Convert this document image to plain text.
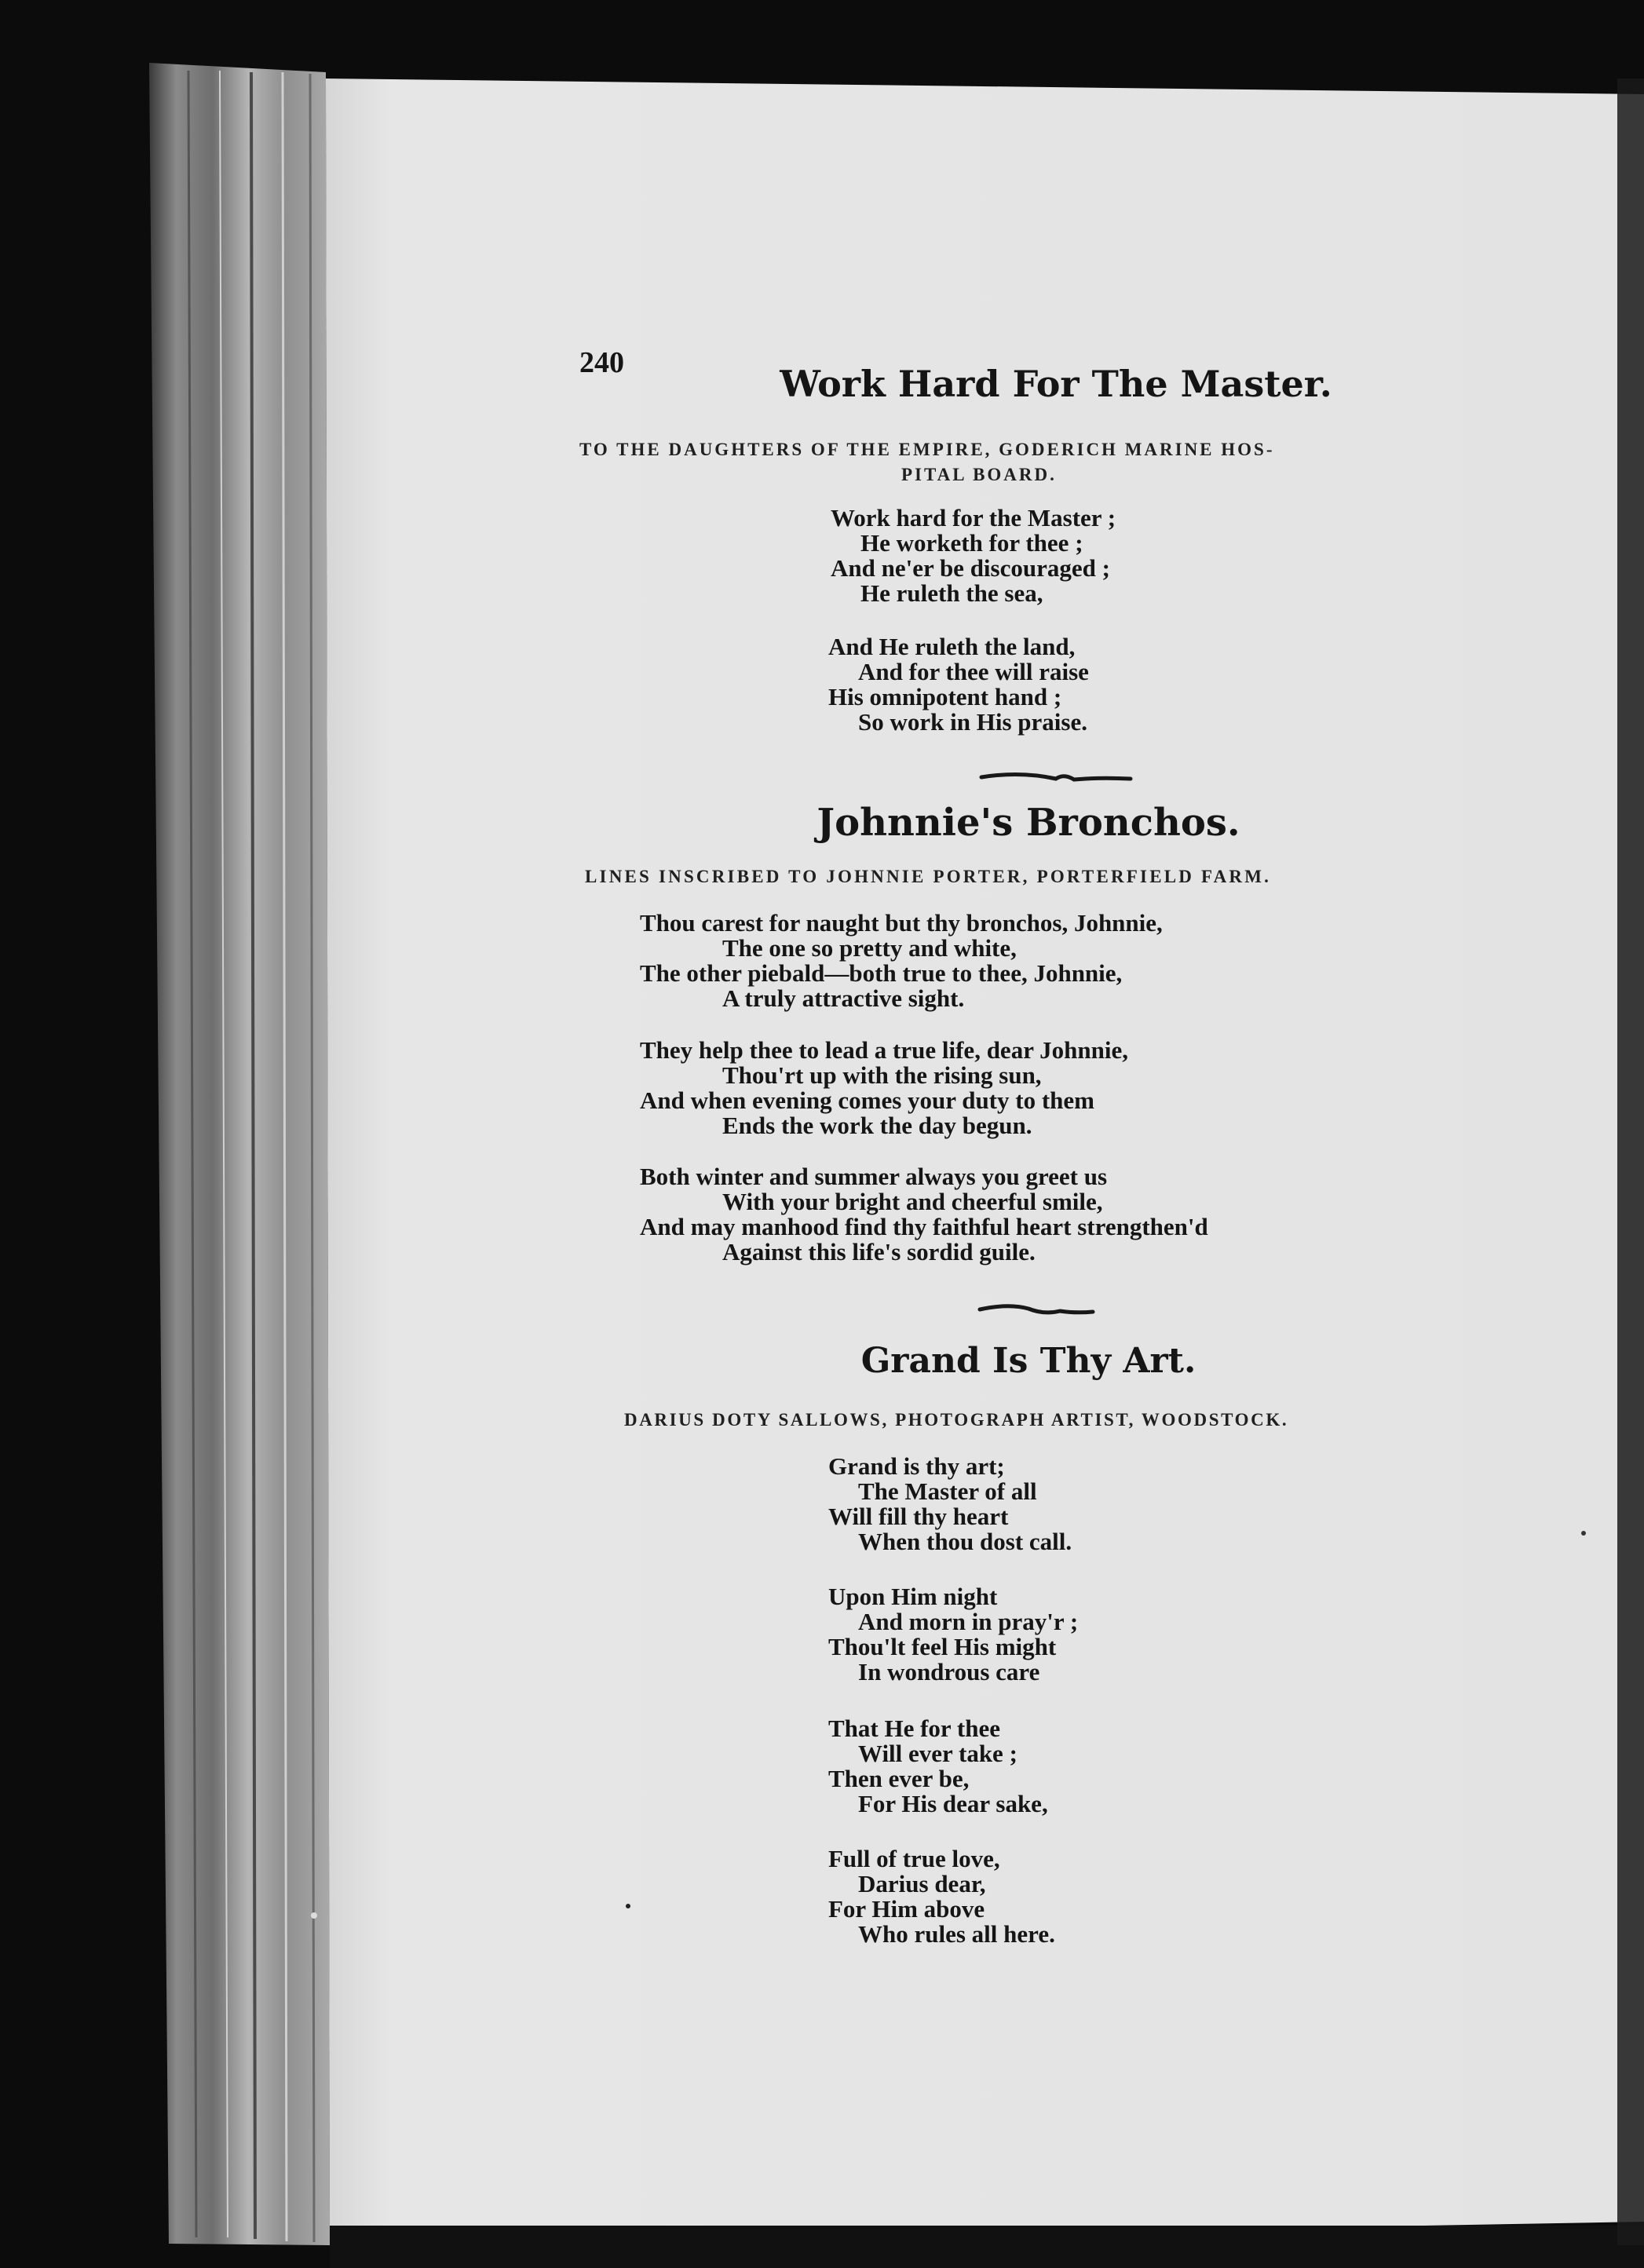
240	Work Hard For The Master.
TO THE DAUGHTERS OF THE EMPIRE, GODERICH MARINE HOS-
PITAL BOARD.
Work hard for the Master ;
He worketh for thee ;
And ne'er be discouraged ;
He ruleth the sea,
And He ruleth the land,
And for thee will raise
His omnipotent hand ;
So work in His praise.
Johnnie's Bronchos.
LINES INSCRIBED TO JOHNNIE PORTER, PORTERFIELD FARM.
Thou carest for naught but thy bronchos, Johnnie,
The one so pretty and white,
The other piebald—both true to thee, Johnnie,
A truly attractive sight.
They help thee to lead a true life, dear Johnnie,
Thou'rt up with the rising sun,
And when evening comes your duty to them
Ends the work the day begun.
Both winter and summer always you greet us
With your bright and cheerful smile,
And may manhood find thy faithful heart strengthen'd
Against this life's sordid guile.
Grand Is Thy Art.
DARIUS DOTY SALLOWS, PHOTOGRAPH ARTIST, WOODSTOCK.
Grand is thy art;
The Master of all
Will fill thy heart
When thou dost call.
Upon Him night
And morn in pray'r ;
Thou'lt feel His might
In wondrous care
That He for thee
Will ever take ;
Then ever be,
For His dear sake,
Full of true love,
Darius dear,
For Him above
Who rules all here.
